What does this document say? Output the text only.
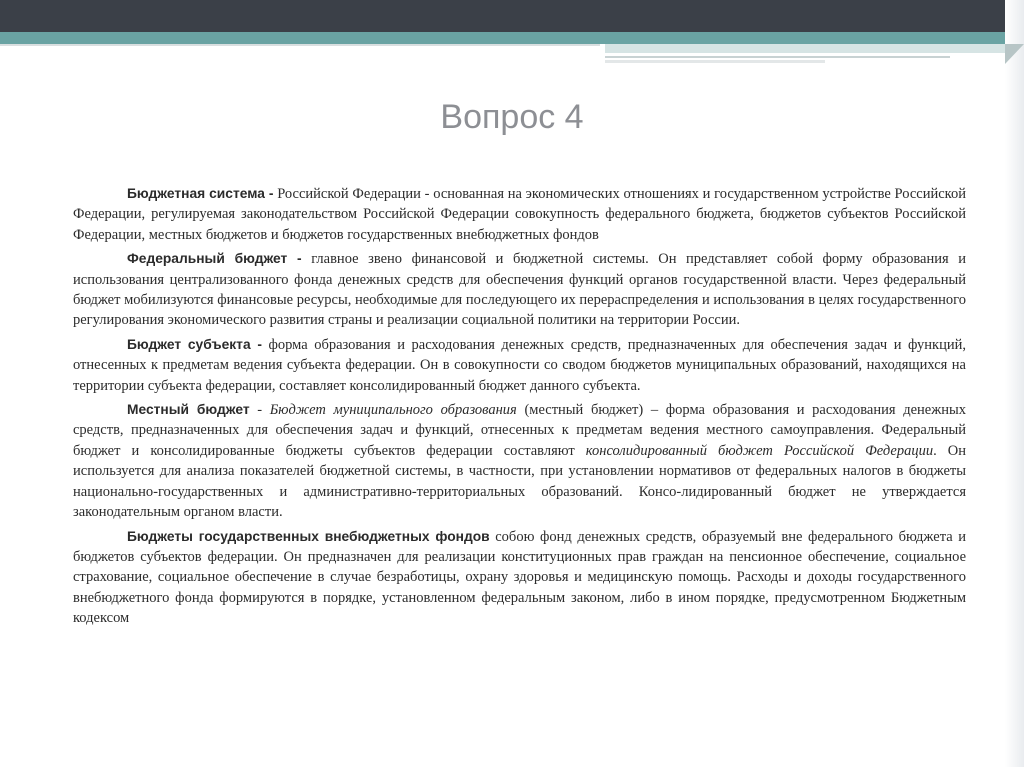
Вопрос 4

Бюджетная система - Российской Федерации - основанная на экономических отношениях и государственном устройстве Российской Федерации, регулируемая законодательством Российской Федерации совокупность федерального бюджета, бюджетов субъектов Российской Федерации, местных бюджетов и бюджетов государственных внебюджетных фондов

Федеральный бюджет - главное звено финансовой и бюджетной системы. Он представляет собой форму образования и использования централизованного фонда денежных средств для обеспечения функций органов государственной власти. Через федеральный бюджет мобилизуются финансовые ресурсы, необходимые для последующего их перераспределения и использования в целях государственного регулирования экономического развития страны и реализации социальной политики на территории России.

Бюджет субъекта - форма образования и расходования денежных средств, предназначенных для обеспечения задач и функций, отнесенных к предметам ведения субъекта федерации. Он в совокупности со сводом бюджетов муниципальных образований, находящихся на территории субъекта федерации, составляет консолидированный бюджет данного субъекта.

Местный бюджет - Бюджет муниципального образования (местный бюджет) – форма образования и расходования денежных средств, предназначенных для обеспечения задач и функций, отнесенных к предметам ведения местного самоуправления. Федеральный бюджет и консолидированные бюджеты субъектов федерации составляют консолидированный бюджет Российской Федерации. Он используется для анализа показателей бюджетной системы, в частности, при установлении нормативов от федеральных налогов в бюджеты национально-государственных и административно-территориальных образований. Консо-лидированный бюджет не утверждается законодательным органом власти.

Бюджеты государственных внебюджетных фондов собою фонд денежных средств, образуемый вне федерального бюджета и бюджетов субъектов федерации. Он предназначен для реализации конституционных прав граждан на пенсионное обеспечение, социальное страхование, социальное обеспечение в случае безработицы, охрану здоровья и медицинскую помощь. Расходы и доходы государственного внебюджетного фонда формируются в порядке, установленном федеральным законом, либо в ином порядке, предусмотренном Бюджетным кодексом
